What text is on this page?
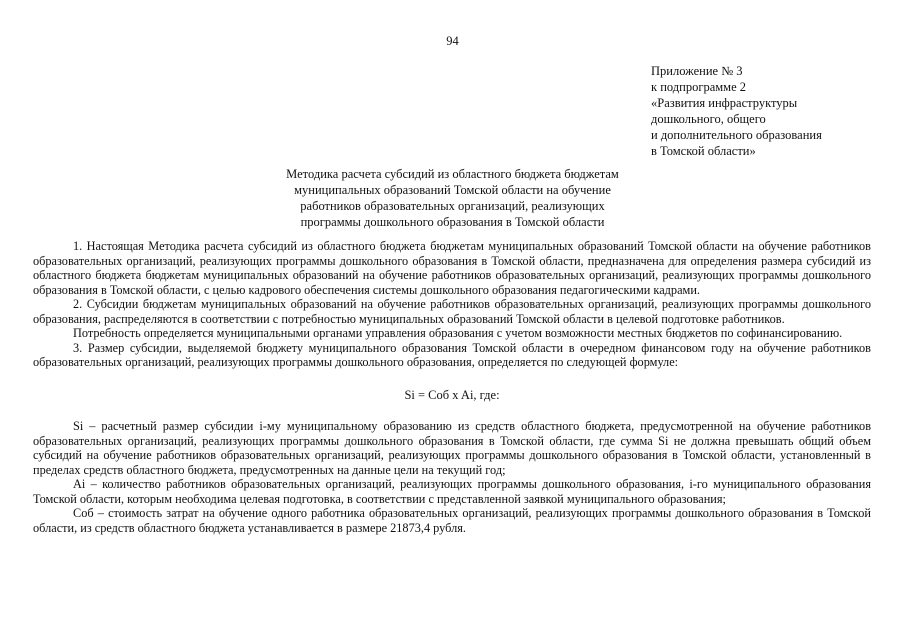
94
Приложение № 3
к подпрограмме 2
«Развития инфраструктуры
дошкольного, общего
и дополнительного образования
в Томской области»
Методика расчета субсидий из областного бюджета бюджетам
муниципальных образований Томской области на обучение
работников образовательных организаций, реализующих
программы дошкольного образования в Томской области

1. Настоящая Методика расчета субсидий из областного бюджета бюджетам муниципальных образований Томской области на обучение работников образовательных организаций, реализующих программы дошкольного образования в Томской области, предназначена для определения размера субсидий из областного бюджета бюджетам муниципальных образований на обучение работников образовательных организаций, реализующих программы дошкольного образования в Томской области, с целью кадрового обеспечения системы дошкольного образования педагогическими кадрами.

2. Субсидии бюджетам муниципальных образований на обучение работников образовательных организаций, реализующих программы дошкольного образования, распределяются в соответствии с потребностью муниципальных образований Томской области в целевой подготовке работников.

Потребность определяется муниципальными органами управления образования с учетом возможности местных бюджетов по софинансированию.

3. Размер субсидии, выделяемой бюджету муниципального образования Томской области в очередном финансовом году на обучение работников образовательных организаций, реализующих программы дошкольного образования, определяется по следующей формуле:

Si = Соб x Ai, где:

Si – расчетный размер субсидии i-му муниципальному образованию из средств областного бюджета, предусмотренной на обучение работников образовательных организаций, реализующих программы дошкольного образования в Томской области, где сумма Si не должна превышать общий объем субсидий на обучение работников образовательных организаций, реализующих программы дошкольного образования в Томской области, установленный в пределах средств областного бюджета, предусмотренных на данные цели на текущий год;

Ai – количество работников образовательных организаций, реализующих программы дошкольного образования, i-го муниципального образования Томской области, которым необходима целевая подготовка, в соответствии с представленной заявкой муниципального образования;

Соб – стоимость затрат на обучение одного работника образовательных организаций, реализующих программы дошкольного образования в Томской области, из средств областного бюджета устанавливается в размере 21873,4 рубля.
